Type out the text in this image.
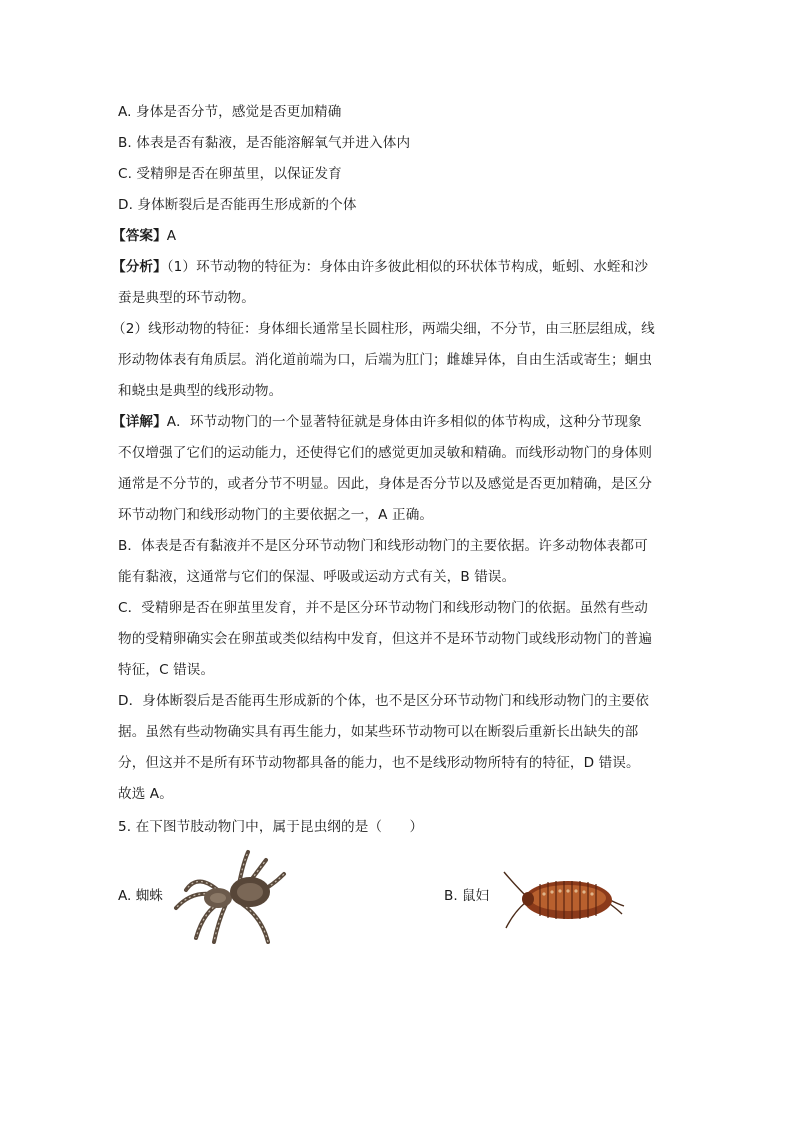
A. 身体是否分节，感觉是否更加精确
B. 体表是否有黏液，是否能溶解氧气并进入体内
C. 受精卵是否在卵茧里，以保证发育
D. 身体断裂后是否能再生形成新的个体
【答案】A
【分析】（1）环节动物的特征为：身体由许多彼此相似的环状体节构成，蚯蚓、水蛭和沙
蚕是典型的环节动物。
（2）线形动物的特征：身体细长通常呈长圆柱形，两端尖细，不分节，由三胚层组成，线
形动物体表有角质层。消化道前端为口，后端为肛门；雌雄异体，自由生活或寄生；蛔虫
和蛲虫是典型的线形动物。
【详解】A．环节动物门的一个显著特征就是身体由许多相似的体节构成，这种分节现象
不仅增强了它们的运动能力，还使得它们的感觉更加灵敏和精确。而线形动物门的身体则
通常是不分节的，或者分节不明显。因此，身体是否分节以及感觉是否更加精确，是区分
环节动物门和线形动物门的主要依据之一，A 正确。
B．体表是否有黏液并不是区分环节动物门和线形动物门的主要依据。许多动物体表都可
能有黏液，这通常与它们的保湿、呼吸或运动方式有关，B 错误。
C．受精卵是否在卵茧里发育，并不是区分环节动物门和线形动物门的依据。虽然有些动
物的受精卵确实会在卵茧或类似结构中发育，但这并不是环节动物门或线形动物门的普遍
特征，C 错误。
D．身体断裂后是否能再生形成新的个体，也不是区分环节动物门和线形动物门的主要依
据。虽然有些动物确实具有再生能力，如某些环节动物可以在断裂后重新长出缺失的部
分，但这并不是所有环节动物都具备的能力，也不是线形动物所特有的特征，D 错误。
故选 A。
5. 在下图节肢动物门中，属于昆虫纲的是（　　）
A. 蜘蛛	B. 鼠妇
